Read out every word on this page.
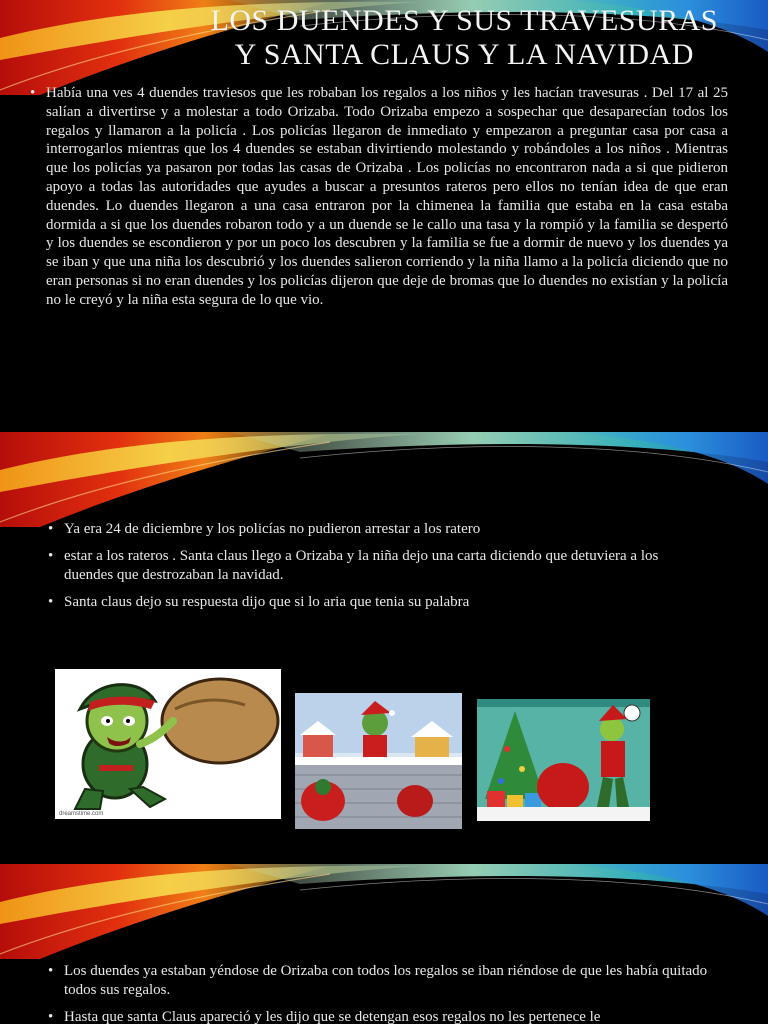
LOS DUENDES Y SUS TRAVESURAS
Y SANTA CLAUS Y LA NAVIDAD
• Había una ves 4 duendes traviesos que les robaban los regalos a los niños y les hacían travesuras . Del 17 al 25 salían a divertirse y a molestar a todo Orizaba. Todo Orizaba empezo a sospechar que desaparecían todos los regalos y llamaron a la policía . Los policías llegaron de inmediato y empezaron a preguntar casa por casa a interrogarlos mientras que los 4 duendes se estaban divirtiendo molestando y robándoles a los niños . Mientras que los policías ya pasaron por todas las casas de Orizaba . Los policías no encontraron nada a si que pidieron apoyo a todas las autoridades que ayudes a buscar a presuntos rateros pero ellos no tenían idea de que eran duendes. Lo duendes llegaron a una casa entraron por la chimenea la familia que estaba en la casa estaba dormida a si que los duendes robaron todo y a un duende se le callo una tasa y la rompió y la familia se despertó y los duendes se escondieron y por un poco los descubren y la familia se fue a dormir de nuevo y los duendes ya se iban y que una niña los descubrió y los duendes salieron corriendo y la niña llamo a la policía diciendo que no eran personas si no eran duendes y los policías dijeron que deje de bromas que lo duendes no existían y la policía no le creyó y la niña esta segura de lo que vio.
• Ya era 24 de diciembre y los policías no pudieron arrestar a los ratero
• estar a los rateros . Santa claus llego a Orizaba y la niña dejo una carta diciendo que detuviera a los duendes que destrozaban la navidad.
• Santa claus dejo su respuesta dijo que si lo aria que tenia su palabra
dreamstime.com
• Los duendes ya estaban yéndose de Orizaba con todos los regalos se iban riéndose de que les había quitado todos sus regalos.
• Hasta que santa Claus apareció y les dijo que se detengan esos regalos no les pertenece le
